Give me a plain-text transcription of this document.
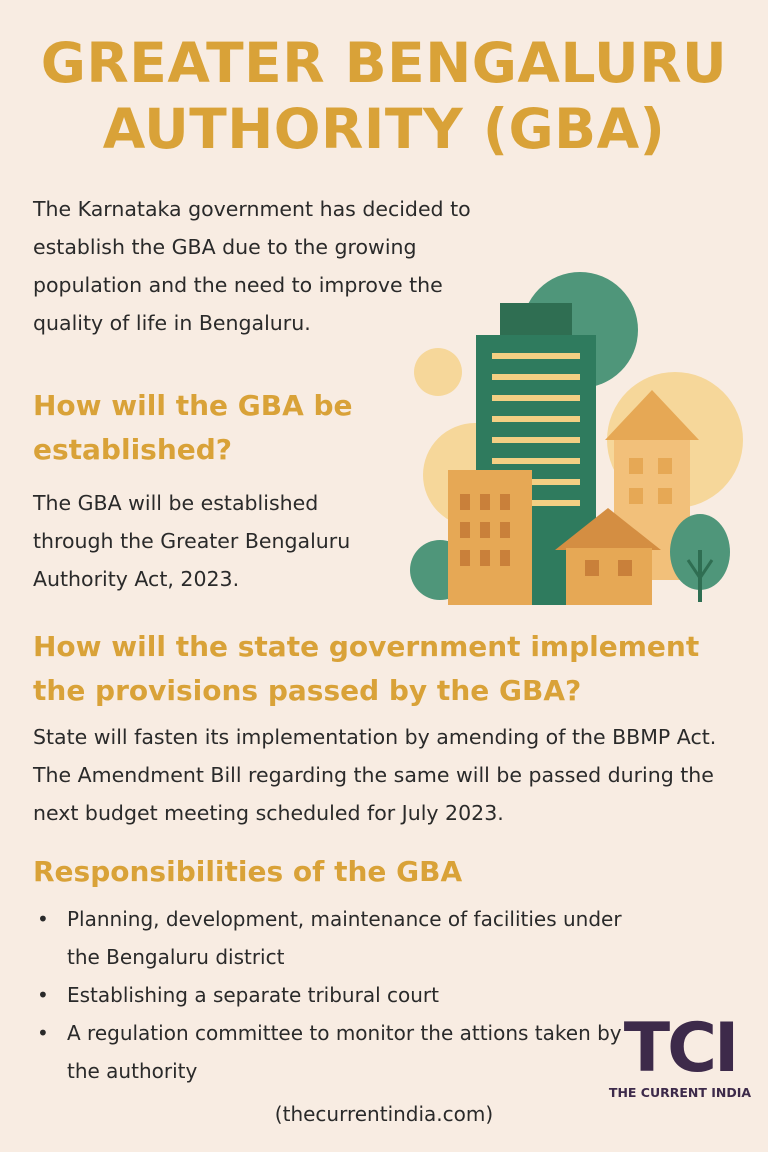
GREATER BENGALURU
AUTHORITY (GBA)

The Karnataka government has decided to establish the GBA due to the growing population and the need to improve the quality of life in Bengaluru.

How will the GBA be established?

The GBA will be established through the Greater Bengaluru Authority Act, 2023.

How will the state government implement the provisions passed by the GBA?

State will fasten its implementation by amending of the BBMP Act. The Amendment Bill regarding the same will be passed during the next budget meeting scheduled for July 2023.

Responsibilities of the GBA
• Planning, development, maintenance of facilities under the Bengaluru district
• Establishing a separate tribural court
• A regulation committee to monitor the attions taken by the authority	TCI
THE CURRENT INDIA

(thecurrentindia.com)
